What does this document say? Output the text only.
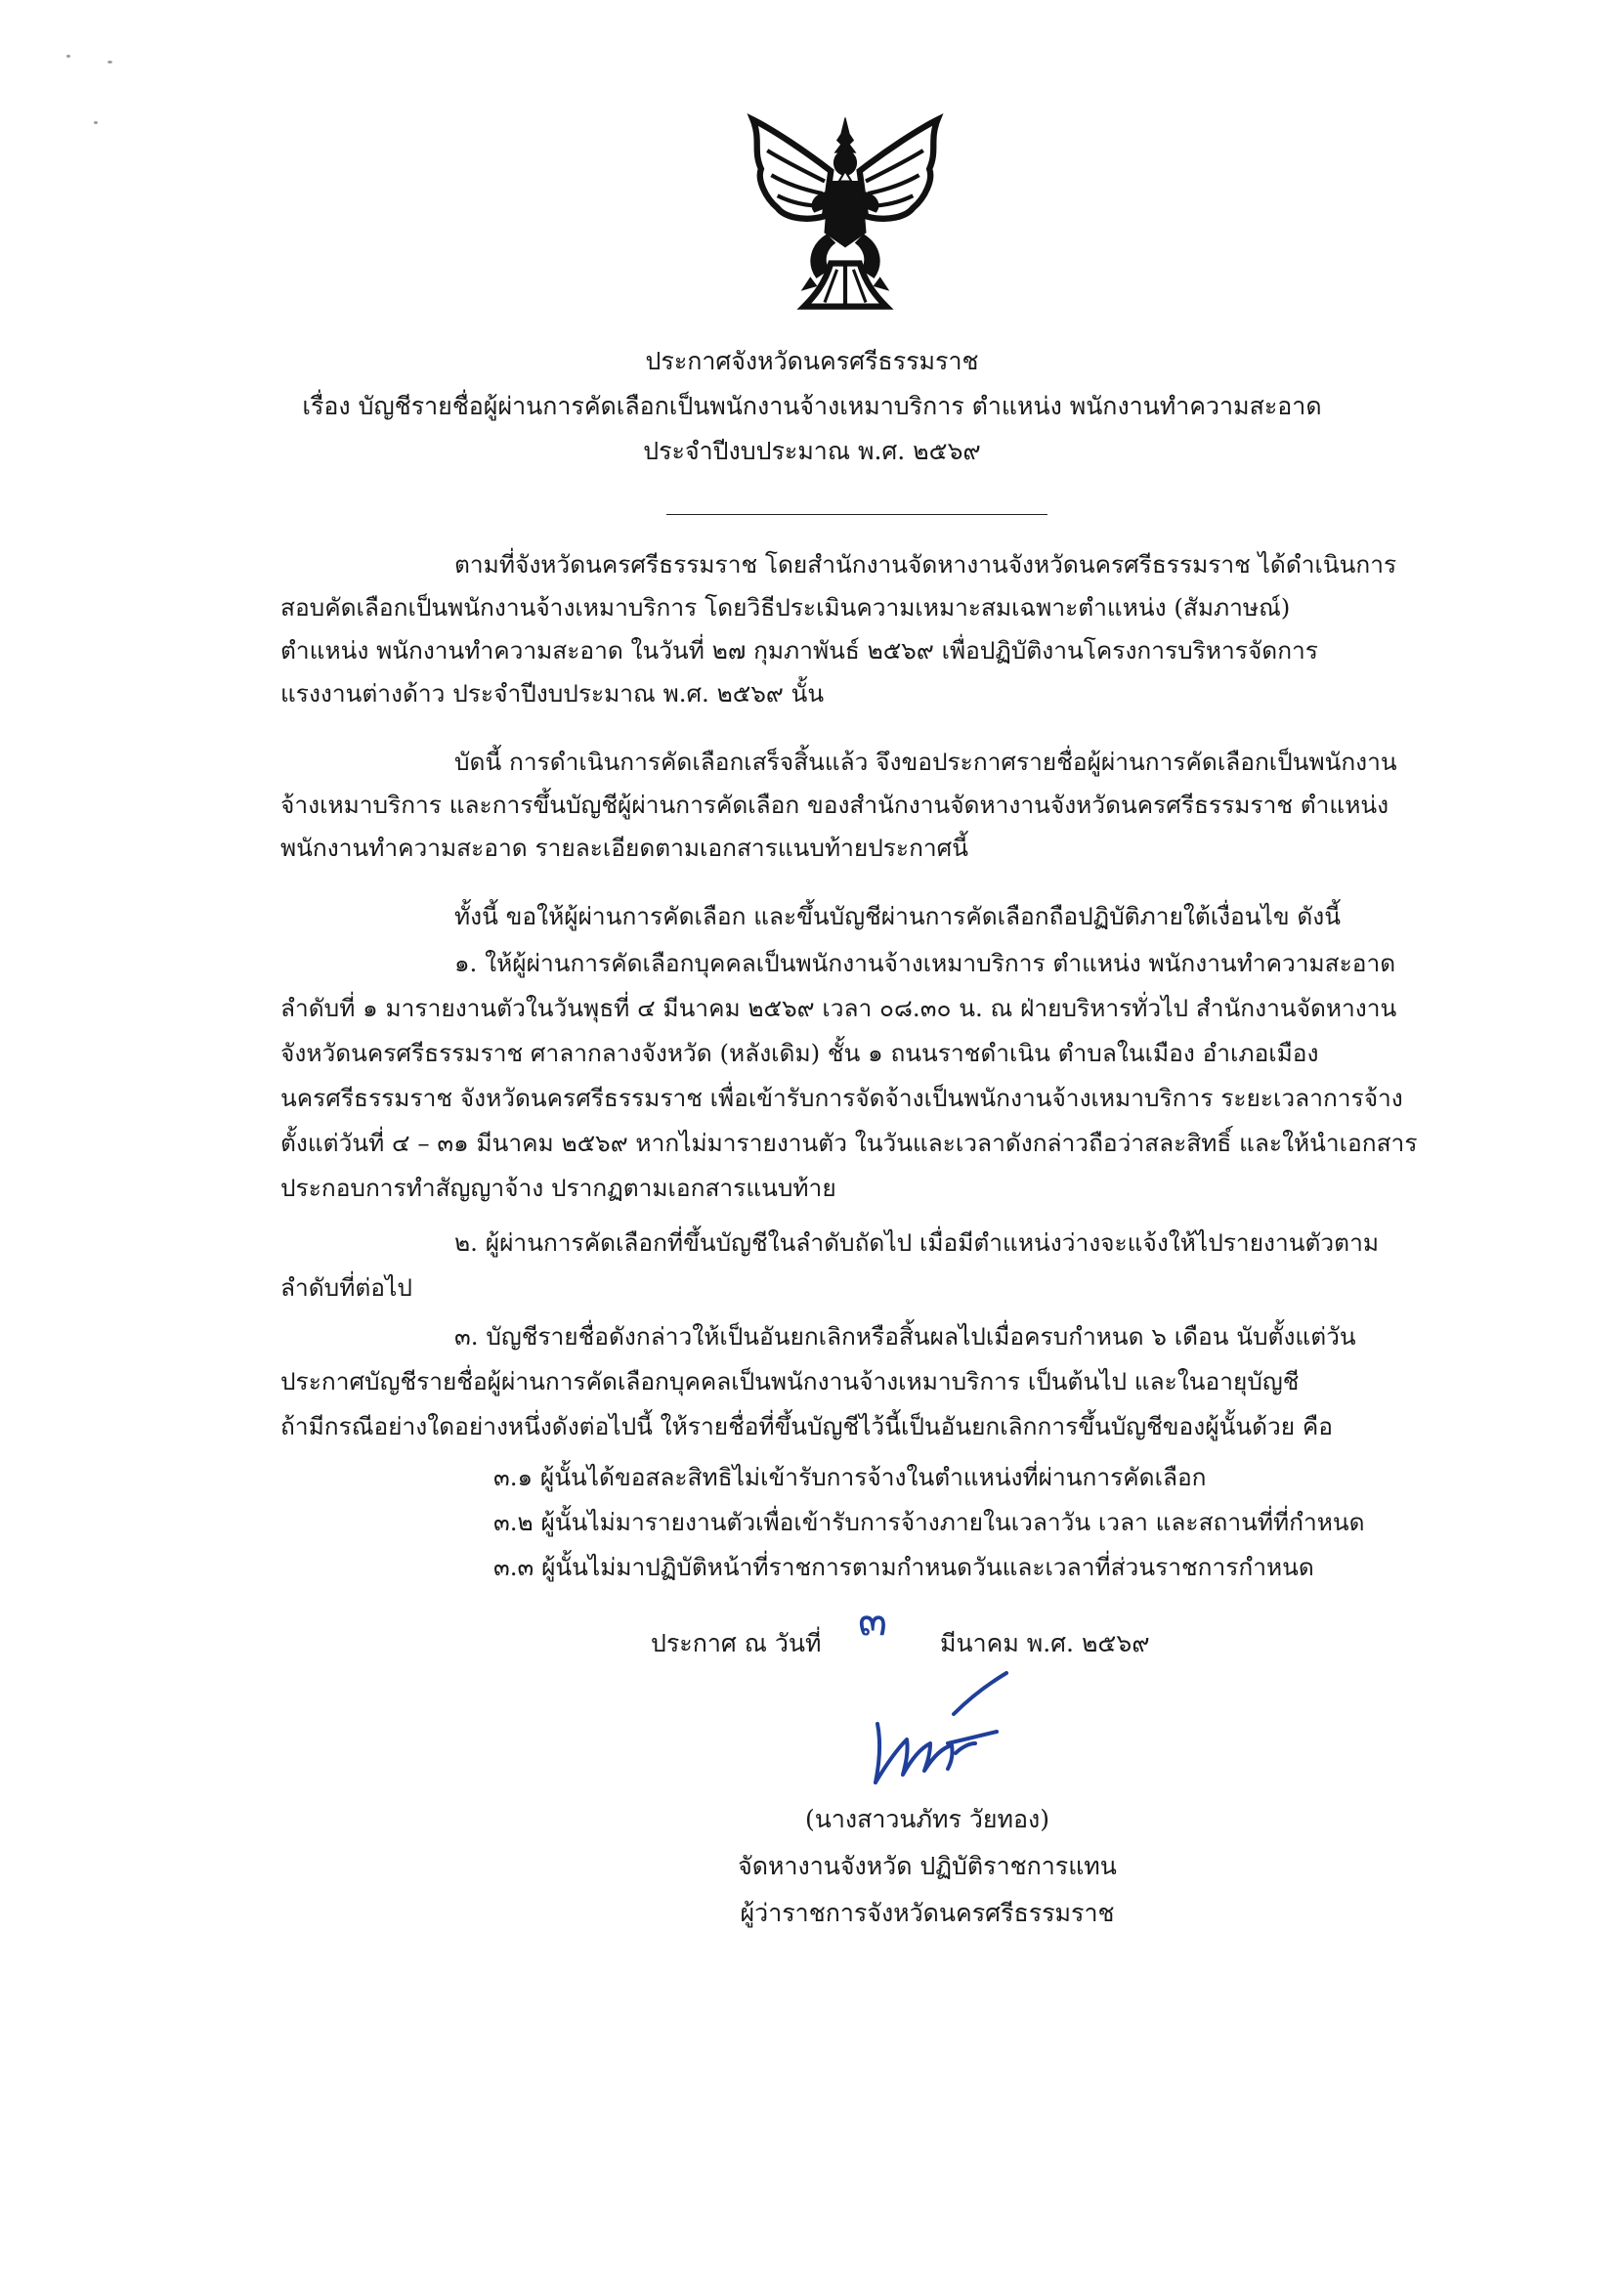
ประกาศจังหวัดนครศรีธรรมราช
เรื่อง บัญชีรายชื่อผู้ผ่านการคัดเลือกเป็นพนักงานจ้างเหมาบริการ ตำแหน่ง พนักงานทำความสะอาด
ประจำปีงบประมาณ พ.ศ. ๒๕๖๙
ตามที่จังหวัดนครศรีธรรมราช โดยสำนักงานจัดหางานจังหวัดนครศรีธรรมราช ได้ดำเนินการ
สอบคัดเลือกเป็นพนักงานจ้างเหมาบริการ โดยวิธีประเมินความเหมาะสมเฉพาะตำแหน่ง (สัมภาษณ์)
ตำแหน่ง พนักงานทำความสะอาด ในวันที่ ๒๗ กุมภาพันธ์ ๒๕๖๙ เพื่อปฏิบัติงานโครงการบริหารจัดการ
แรงงานต่างด้าว ประจำปีงบประมาณ พ.ศ. ๒๕๖๙ นั้น
บัดนี้ การดำเนินการคัดเลือกเสร็จสิ้นแล้ว จึงขอประกาศรายชื่อผู้ผ่านการคัดเลือกเป็นพนักงาน
จ้างเหมาบริการ และการขึ้นบัญชีผู้ผ่านการคัดเลือก ของสำนักงานจัดหางานจังหวัดนครศรีธรรมราช ตำแหน่ง
พนักงานทำความสะอาด รายละเอียดตามเอกสารแนบท้ายประกาศนี้
ทั้งนี้ ขอให้ผู้ผ่านการคัดเลือก และขึ้นบัญชีผ่านการคัดเลือกถือปฏิบัติภายใต้เงื่อนไข ดังนี้
๑. ให้ผู้ผ่านการคัดเลือกบุคคลเป็นพนักงานจ้างเหมาบริการ ตำแหน่ง พนักงานทำความสะอาด
ลำดับที่ ๑ มารายงานตัวในวันพุธที่ ๔ มีนาคม ๒๕๖๙ เวลา ๐๘.๓๐ น. ณ ฝ่ายบริหารทั่วไป สำนักงานจัดหางาน
จังหวัดนครศรีธรรมราช ศาลากลางจังหวัด (หลังเดิม) ชั้น ๑ ถนนราชดำเนิน ตำบลในเมือง อำเภอเมือง
นครศรีธรรมราช จังหวัดนครศรีธรรมราช เพื่อเข้ารับการจัดจ้างเป็นพนักงานจ้างเหมาบริการ ระยะเวลาการจ้าง
ตั้งแต่วันที่ ๔ – ๓๑ มีนาคม ๒๕๖๙ หากไม่มารายงานตัว ในวันและเวลาดังกล่าวถือว่าสละสิทธิ์ และให้นำเอกสาร
ประกอบการทำสัญญาจ้าง ปรากฏตามเอกสารแนบท้าย
๒. ผู้ผ่านการคัดเลือกที่ขึ้นบัญชีในลำดับถัดไป เมื่อมีตำแหน่งว่างจะแจ้งให้ไปรายงานตัวตาม
ลำดับที่ต่อไป
๓. บัญชีรายชื่อดังกล่าวให้เป็นอันยกเลิกหรือสิ้นผลไปเมื่อครบกำหนด ๖ เดือน นับตั้งแต่วัน
ประกาศบัญชีรายชื่อผู้ผ่านการคัดเลือกบุคคลเป็นพนักงานจ้างเหมาบริการ เป็นต้นไป และในอายุบัญชี
ถ้ามีกรณีอย่างใดอย่างหนึ่งดังต่อไปนี้ ให้รายชื่อที่ขึ้นบัญชีไว้นี้เป็นอันยกเลิกการขึ้นบัญชีของผู้นั้นด้วย คือ
๓.๑ ผู้นั้นได้ขอสละสิทธิไม่เข้ารับการจ้างในตำแหน่งที่ผ่านการคัดเลือก
๓.๒ ผู้นั้นไม่มารายงานตัวเพื่อเข้ารับการจ้างภายในเวลาวัน เวลา และสถานที่ที่กำหนด
๓.๓ ผู้นั้นไม่มาปฏิบัติหน้าที่ราชการตามกำหนดวันและเวลาที่ส่วนราชการกำหนด
ประกาศ ณ วันที่ ๓ มีนาคม พ.ศ. ๒๕๖๙
(นางสาวนภัทร วัยทอง)
จัดหางานจังหวัด ปฏิบัติราชการแทน
ผู้ว่าราชการจังหวัดนครศรีธรรมราช
